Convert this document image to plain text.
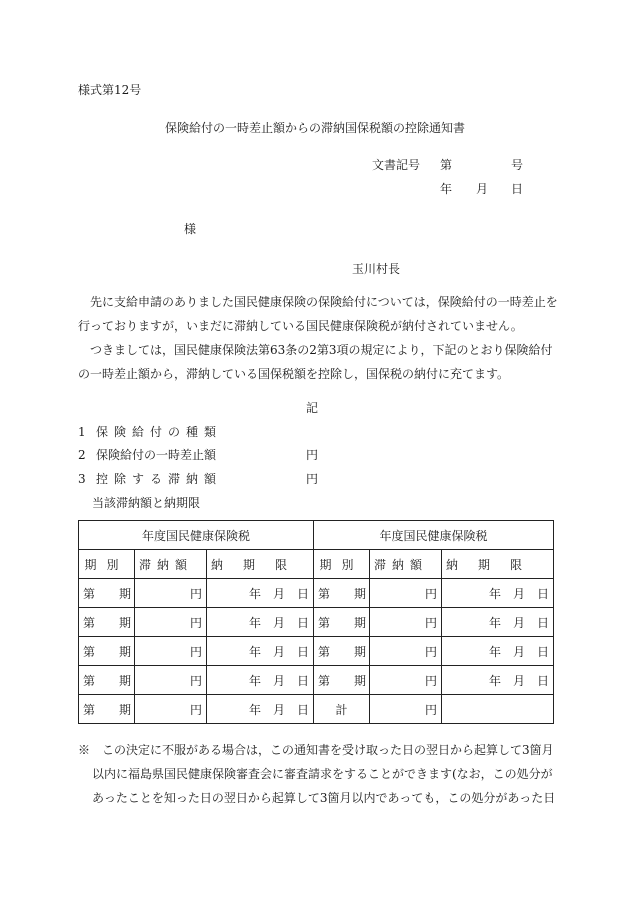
様式第12号
保険給付の一時差止額からの滞納国保税額の控除通知書
文書記号 第	号
年 月 日
様
玉川村長

先に支給申請のありました国民健康保険の保険給付については，保険給付の一時差止を行っておりますが，いまだに滞納している国民健康保険税が納付されていません。

つきましては，国民健康保険法第63条の2第3項の規定により，下記のとおり保険給付の一時差止額から，滞納している国保税額を控除し，国保税の納付に充てます。

記
1 保険給付の種類
2 保険給付の一時差止額	円
3 控除する滞納額	円
当該滞納額と納期限
年度国民健康保険税			年度国民健康保険税		
期別	滞納額	納期限	期別	滞納額	納期限
第　　期	円	年　月　日	第　　期	円	年　月　日
第　　期	円	年　月　日	第　　期	円	年　月　日
第　　期	円	年　月　日	第　　期	円	年　月　日
第　　期	円	年　月　日	第　　期	円	年　月　日
第　　期	円	年　月　日	計	円	

※　 この決定に不服がある場合は，この通知書を受け取った日の翌日から起算して3箇月以内に福島県国民健康保険審査会に審査請求をすることができます(なお，この処分があったことを知った日の翌日から起算して3箇月以内であっても，この処分があった日
